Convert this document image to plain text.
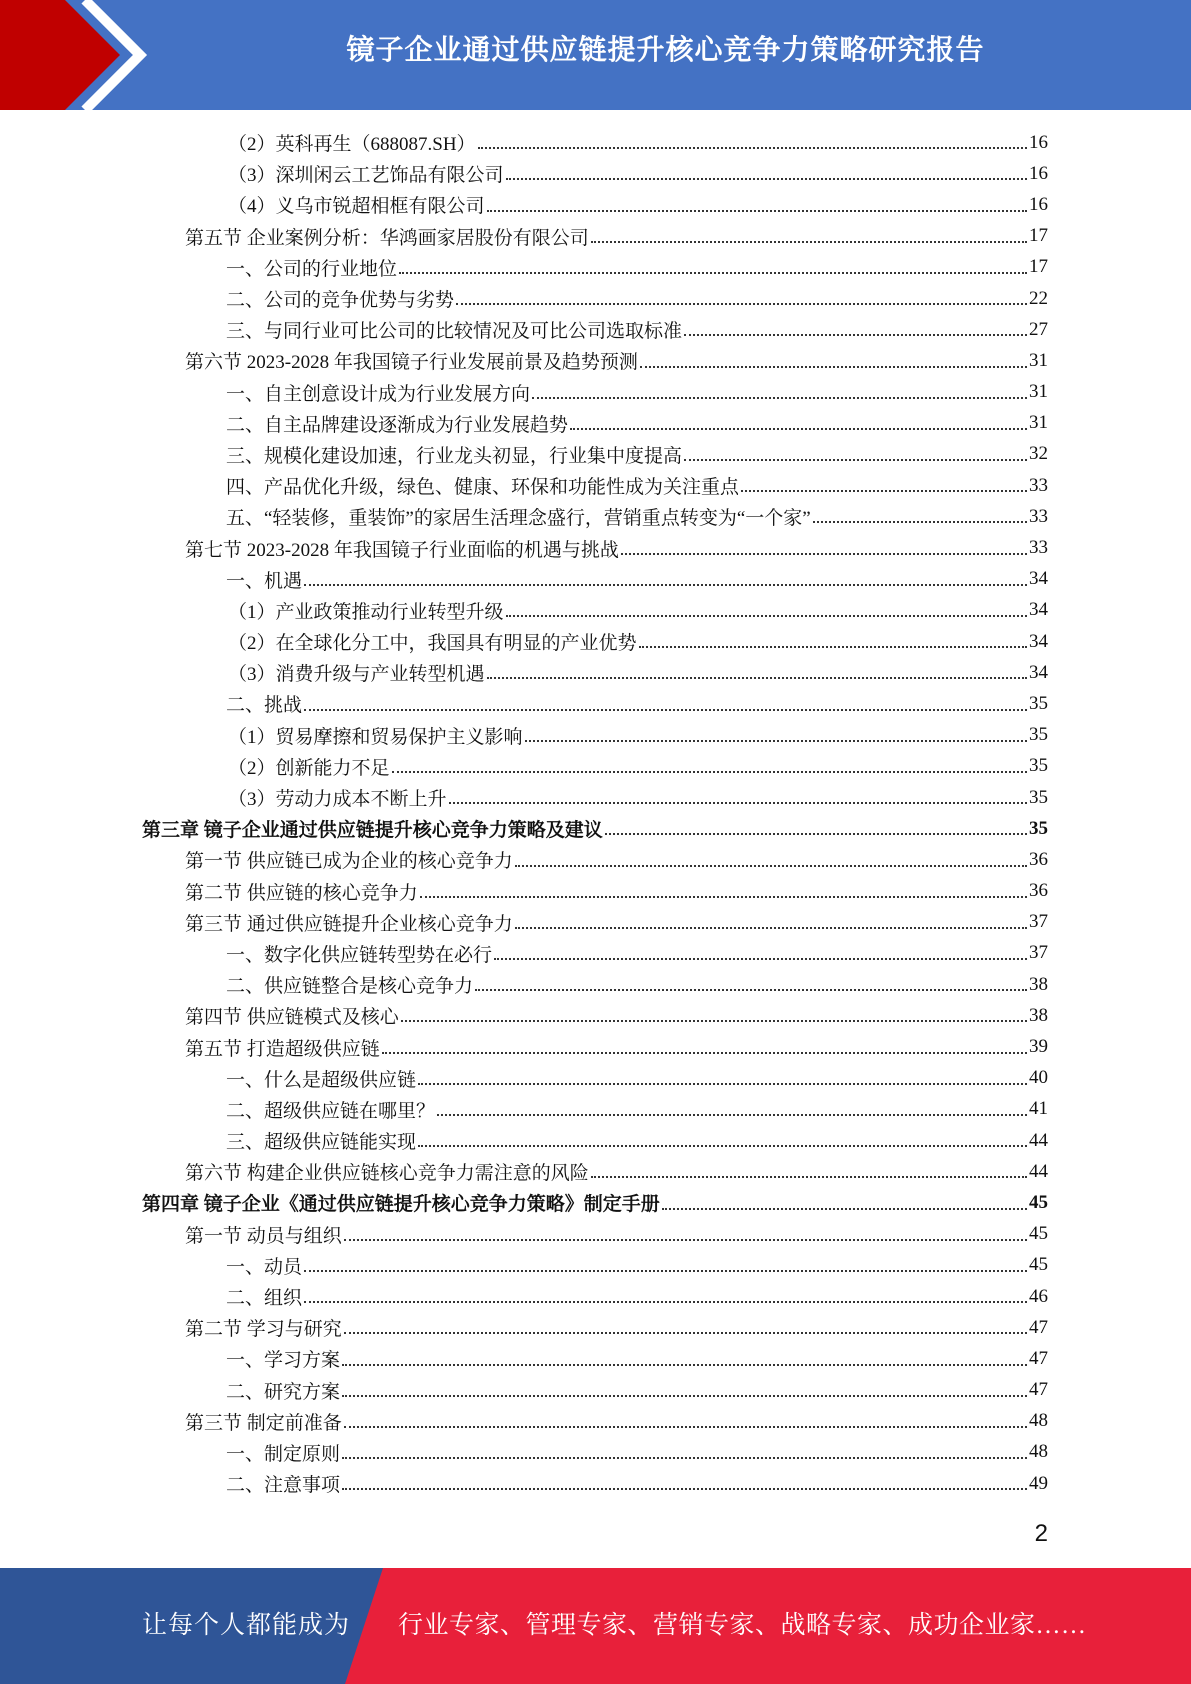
镜子企业通过供应链提升核心竞争力策略研究报告
（2）英科再生（688087.SH）	16
（3）深圳闲云工艺饰品有限公司	16
（4）义乌市锐超相框有限公司	16
第五节 企业案例分析：华鸿画家居股份有限公司	17
一、公司的行业地位	17
二、公司的竞争优势与劣势	22
三、与同行业可比公司的比较情况及可比公司选取标准	27
第六节 2023-2028 年我国镜子行业发展前景及趋势预测	31
一、自主创意设计成为行业发展方向	31
二、自主品牌建设逐渐成为行业发展趋势	31
三、规模化建设加速，行业龙头初显，行业集中度提高	32
四、产品优化升级，绿色、健康、环保和功能性成为关注重点	33
五、“轻装修，重装饰”的家居生活理念盛行，营销重点转变为“一个家”	33
第七节 2023-2028 年我国镜子行业面临的机遇与挑战	33
一、机遇	34
（1）产业政策推动行业转型升级	34
（2）在全球化分工中，我国具有明显的产业优势	34
（3）消费升级与产业转型机遇	34
二、挑战	35
（1）贸易摩擦和贸易保护主义影响	35
（2）创新能力不足	35
（3）劳动力成本不断上升	35
第三章 镜子企业通过供应链提升核心竞争力策略及建议	35
第一节 供应链已成为企业的核心竞争力	36
第二节 供应链的核心竞争力	36
第三节 通过供应链提升企业核心竞争力	37
一、数字化供应链转型势在必行	37
二、供应链整合是核心竞争力	38
第四节 供应链模式及核心	38
第五节 打造超级供应链	39
一、什么是超级供应链	40
二、超级供应链在哪里？	41
三、超级供应链能实现	44
第六节 构建企业供应链核心竞争力需注意的风险	44
第四章 镜子企业《通过供应链提升核心竞争力策略》制定手册	45
第一节 动员与组织	45
一、动员	45
二、组织	46
第二节 学习与研究	47
一、学习方案	47
二、研究方案	47
第三节 制定前准备	48
一、制定原则	48
二、注意事项	49
2
让每个人都能成为 行业专家、管理专家、营销专家、战略专家、成功企业家……
